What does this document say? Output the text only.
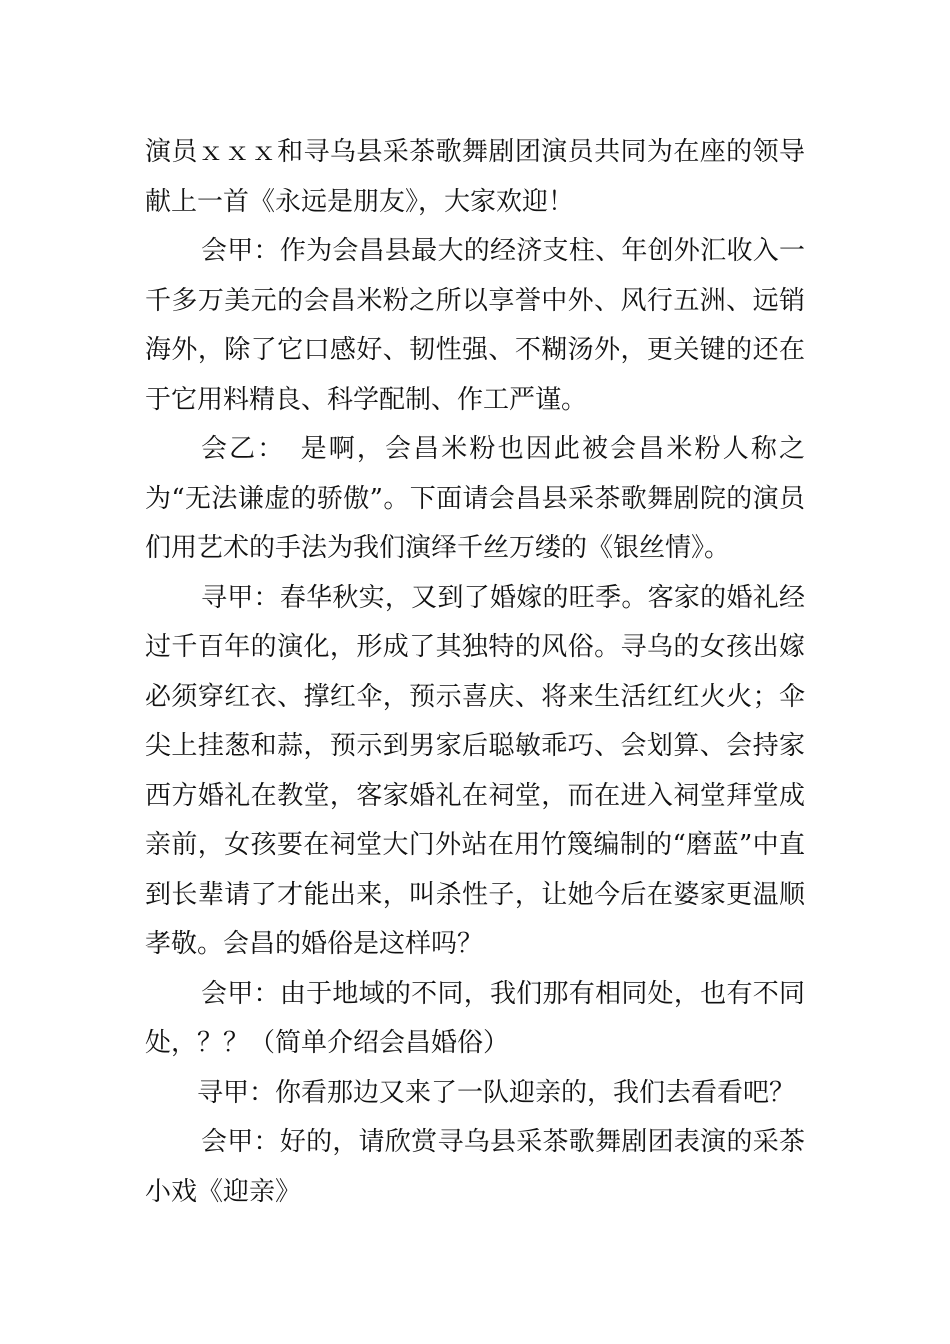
演员ｘｘｘ和寻乌县采茶歌舞剧团演员共同为在座的领导献上一首《永远是朋友》，大家欢迎！

会甲：作为会昌县最大的经济支柱、年创外汇收入一千多万美元的会昌米粉之所以享誉中外、风行五洲、远销海外，除了它口感好、韧性强、不糊汤外，更关键的还在于它用料精良、科学配制、作工严谨。

会乙：　是啊，会昌米粉也因此被会昌米粉人称之为“无法谦虚的骄傲”。下面请会昌县采茶歌舞剧院的演员们用艺术的手法为我们演绎千丝万缕的《银丝情》。

寻甲：春华秋实，又到了婚嫁的旺季。客家的婚礼经过千百年的演化，形成了其独特的风俗。寻乌的女孩出嫁必须穿红衣、撑红伞，预示喜庆、将来生活红红火火；伞尖上挂葱和蒜，预示到男家后聪敏乖巧、会划算、会持家西方婚礼在教堂，客家婚礼在祠堂，而在进入祠堂拜堂成亲前，女孩要在祠堂大门外站在用竹篾编制的“磨蓝”中直到长辈请了才能出来，叫杀性子，让她今后在婆家更温顺孝敬。会昌的婚俗是这样吗？

会甲：由于地域的不同，我们那有相同处，也有不同处，？？（简单介绍会昌婚俗）

寻甲：你看那边又来了一队迎亲的，我们去看看吧？

会甲：好的，请欣赏寻乌县采茶歌舞剧团表演的采茶小戏《迎亲》
